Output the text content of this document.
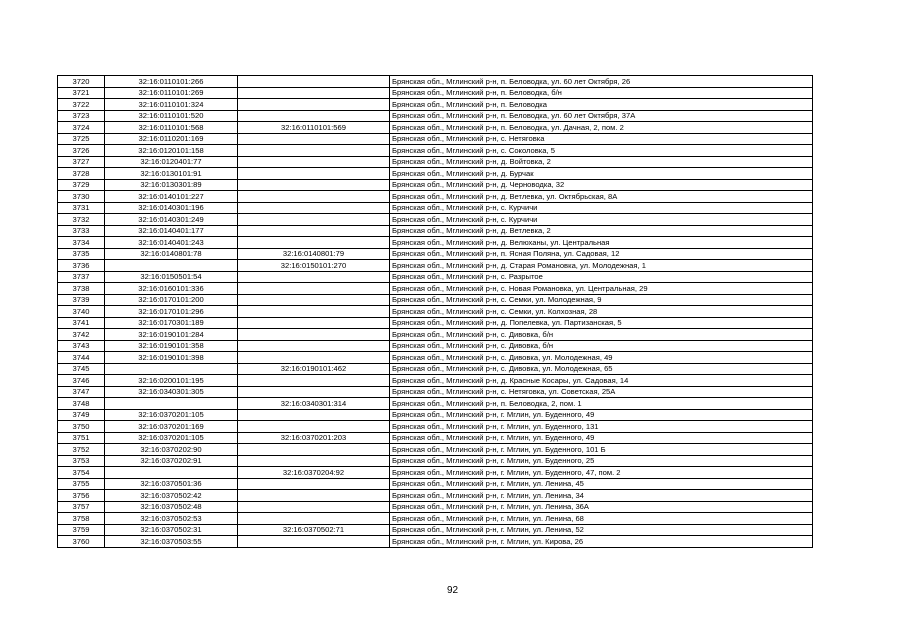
3720	32:16:0110101:266		Брянская обл., Мглинский р-н, п. Беловодка, ул. 60 лет Октября, 26
3721	32:16:0110101:269		Брянская обл., Мглинский р-н, п. Беловодка, б/н
3722	32:16:0110101:324		Брянская обл., Мглинский р-н, п. Беловодка
3723	32:16:0110101:520		Брянская обл., Мглинский р-н, п. Беловодка, ул. 60 лет Октября, 37А
3724	32:16:0110101:568	32:16:0110101:569	Брянская обл., Мглинский р-н, п. Беловодка, ул. Дачная, 2, пом. 2
3725	32:16:0110201:169		Брянская обл., Мглинский р-н, с. Нетяговка
3726	32:16:0120101:158		Брянская обл., Мглинский р-н, с. Соколовка, 5
3727	32:16:0120401:77		Брянская обл., Мглинский р-н, д. Войтовка, 2
3728	32:16:0130101:91		Брянская обл., Мглинский р-н, д. Бурчак
3729	32:16:0130301:89		Брянская обл., Мглинский р-н, д. Черноводка, 32
3730	32:16:0140101:227		Брянская обл., Мглинский р-н, д. Ветлевка, ул. Октябрьская, 8А
3731	32:16:0140301:196		Брянская обл., Мглинский р-н, с. Курчичи
3732	32:16:0140301:249		Брянская обл., Мглинский р-н, с. Курчичи
3733	32:16:0140401:177		Брянская обл., Мглинский р-н, д. Ветлевка, 2
3734	32:16:0140401:243		Брянская обл., Мглинский р-н, д. Велюханы, ул. Центральная
3735	32:16:0140801:78	32:16:0140801:79	Брянская обл., Мглинский р-н, п. Ясная Поляна, ул. Садовая, 12
3736		32:16:0150101:270	Брянская обл., Мглинский р-н, д. Старая Романовка, ул. Молодежная, 1
3737	32:16:0150501:54		Брянская обл., Мглинский р-н, с. Разрытое
3738	32:16:0160101:336		Брянская обл., Мглинский р-н, с. Новая Романовка, ул. Центральная, 29
3739	32:16:0170101:200		Брянская обл., Мглинский р-н, с. Семки, ул. Молодежная, 9
3740	32:16:0170101:296		Брянская обл., Мглинский р-н, с. Семки, ул. Колхозная, 28
3741	32:16:0170301:189		Брянская обл., Мглинский р-н, д. Попелевка, ул. Партизанская, 5
3742	32:16:0190101:284		Брянская обл., Мглинский р-н, с. Дивовка, б/н
3743	32:16:0190101:358		Брянская обл., Мглинский р-н, с. Дивовка, б/н
3744	32:16:0190101:398		Брянская обл., Мглинский р-н, с. Дивовка, ул. Молодежная, 49
3745		32:16:0190101:462	Брянская обл., Мглинский р-н, с. Дивовка, ул. Молодежная, 65
3746	32:16:0200101:195		Брянская обл., Мглинский р-н, д. Красные Косары, ул. Садовая, 14
3747	32:16:0340301:305		Брянская обл., Мглинский р-н, с. Нетяговка, ул. Советская, 25А
3748		32:16:0340301:314	Брянская обл., Мглинский р-н, п. Беловодка, 2, пом. 1
3749	32:16:0370201:105		Брянская обл., Мглинский р-н, г. Мглин, ул. Буденного, 49
3750	32:16:0370201:169		Брянская обл., Мглинский р-н, г. Мглин, ул. Буденного, 131
3751	32:16:0370201:105	32:16:0370201:203	Брянская обл., Мглинский р-н, г. Мглин, ул. Буденного, 49
3752	32:16:0370202:90		Брянская обл., Мглинский р-н, г. Мглин, ул. Буденного, 101 Б
3753	32:16:0370202:91		Брянская обл., Мглинский р-н, г. Мглин, ул. Буденного, 25
3754		32:16:0370204:92	Брянская обл., Мглинский р-н, г. Мглин, ул. Буденного, 47, пом. 2
3755	32:16:0370501:36		Брянская обл., Мглинский р-н, г. Мглин, ул. Ленина, 45
3756	32:16:0370502:42		Брянская обл., Мглинский р-н, г. Мглин, ул. Ленина, 34
3757	32:16:0370502:48		Брянская обл., Мглинский р-н, г. Мглин, ул. Ленина, 36А
3758	32:16:0370502:53		Брянская обл., Мглинский р-н, г. Мглин, ул. Ленина, 68
3759	32:16:0370502:31	32:16:0370502:71	Брянская обл., Мглинский р-н, г. Мглин, ул. Ленина, 52
3760	32:16:0370503:55		Брянская обл., Мглинский р-н, г. Мглин, ул. Кирова, 26
92
